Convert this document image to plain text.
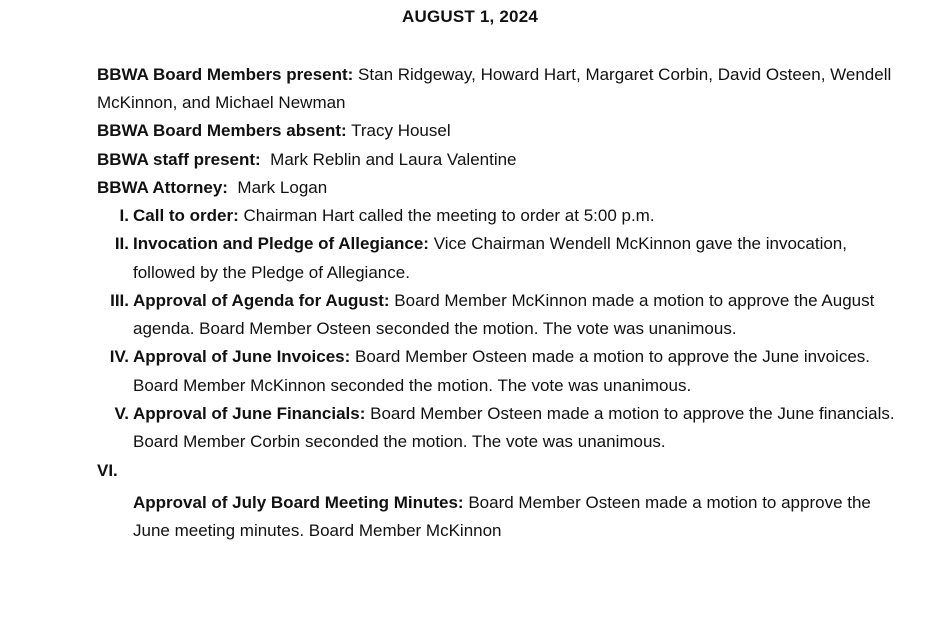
AUGUST 1, 2024
BBWA Board Members present: Stan Ridgeway, Howard Hart, Margaret Corbin, David Osteen, Wendell McKinnon, and Michael Newman
BBWA Board Members absent: Tracy Housel
BBWA staff present: Mark Reblin and Laura Valentine
BBWA Attorney: Mark Logan
I. Call to order: Chairman Hart called the meeting to order at 5:00 p.m.
II. Invocation and Pledge of Allegiance: Vice Chairman Wendell McKinnon gave the invocation, followed by the Pledge of Allegiance.
III. Approval of Agenda for August: Board Member McKinnon made a motion to approve the August agenda. Board Member Osteen seconded the motion. The vote was unanimous.
IV. Approval of June Invoices: Board Member Osteen made a motion to approve the June invoices. Board Member McKinnon seconded the motion. The vote was unanimous.
V. Approval of June Financials: Board Member Osteen made a motion to approve the June financials. Board Member Corbin seconded the motion. The vote was unanimous.
VI.
Approval of July Board Meeting Minutes: Board Member Osteen made a motion to approve the June meeting minutes. Board Member McKinnon
